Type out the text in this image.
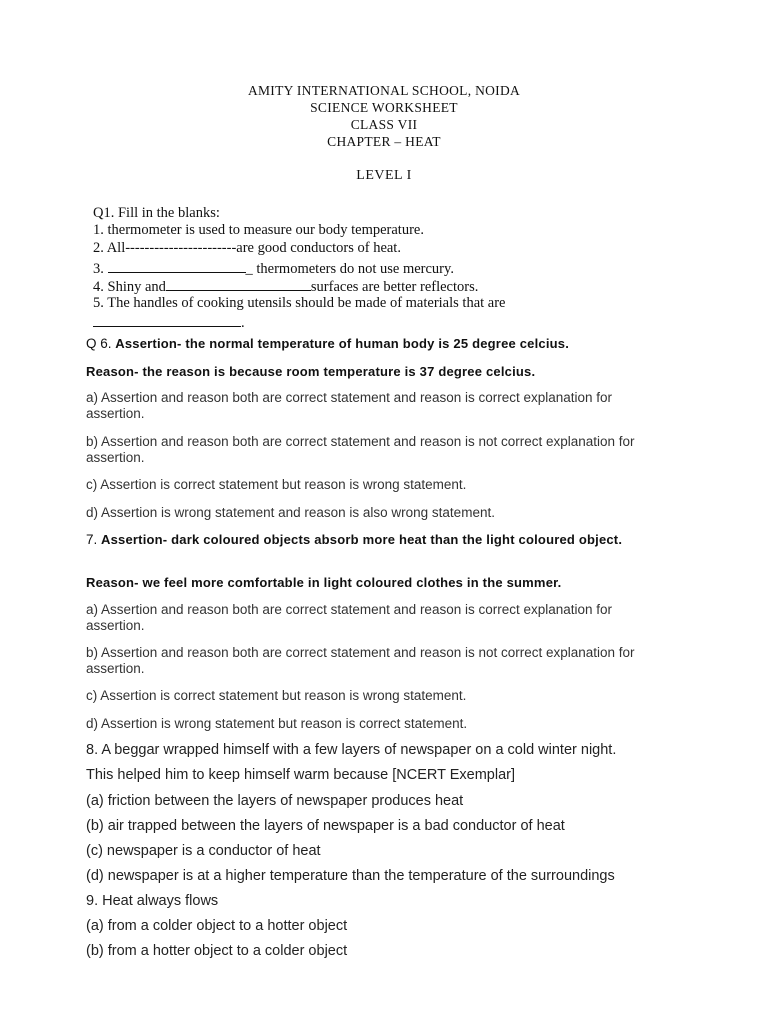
AMITY INTERNATIONAL SCHOOL, NOIDA
SCIENCE WORKSHEET
CLASS VII
CHAPTER – HEAT
LEVEL I
Q1. Fill in the blanks:
1. thermometer is used to measure our body temperature.
2. All-----------------------are good conductors of heat.
3.	_ thermometers do not use mercury.
4. Shiny and	surfaces are better reflectors.
5. The handles of cooking utensils should be made of materials that are
.
Q 6. Assertion- the normal temperature of human body is 25 degree celcius.
Reason- the reason is because room temperature is 37 degree celcius.
a) Assertion and reason both are correct statement and reason is correct explanation for assertion.
b) Assertion and reason both are correct statement and reason is not correct explanation for assertion.
c) Assertion is correct statement but reason is wrong statement.
d) Assertion is wrong statement and reason is also wrong statement.
7. Assertion- dark coloured objects absorb more heat than the light coloured object.
Reason- we feel more comfortable in light coloured clothes in the summer.
a) Assertion and reason both are correct statement and reason is correct explanation for assertion.
b) Assertion and reason both are correct statement and reason is not correct explanation for assertion.
c) Assertion is correct statement but reason is wrong statement.
d) Assertion is wrong statement but reason is correct statement.
8. A beggar wrapped himself with a few layers of newspaper on a cold winter night.
This helped him to keep himself warm because [NCERT Exemplar]
(a) friction between the layers of newspaper produces heat
(b) air trapped between the layers of newspaper is a bad conductor of heat
(c) newspaper is a conductor of heat
(d) newspaper is at a higher temperature than the temperature of the surroundings
9. Heat always flows
(a) from a colder object to a hotter object
(b) from a hotter object to a colder object
